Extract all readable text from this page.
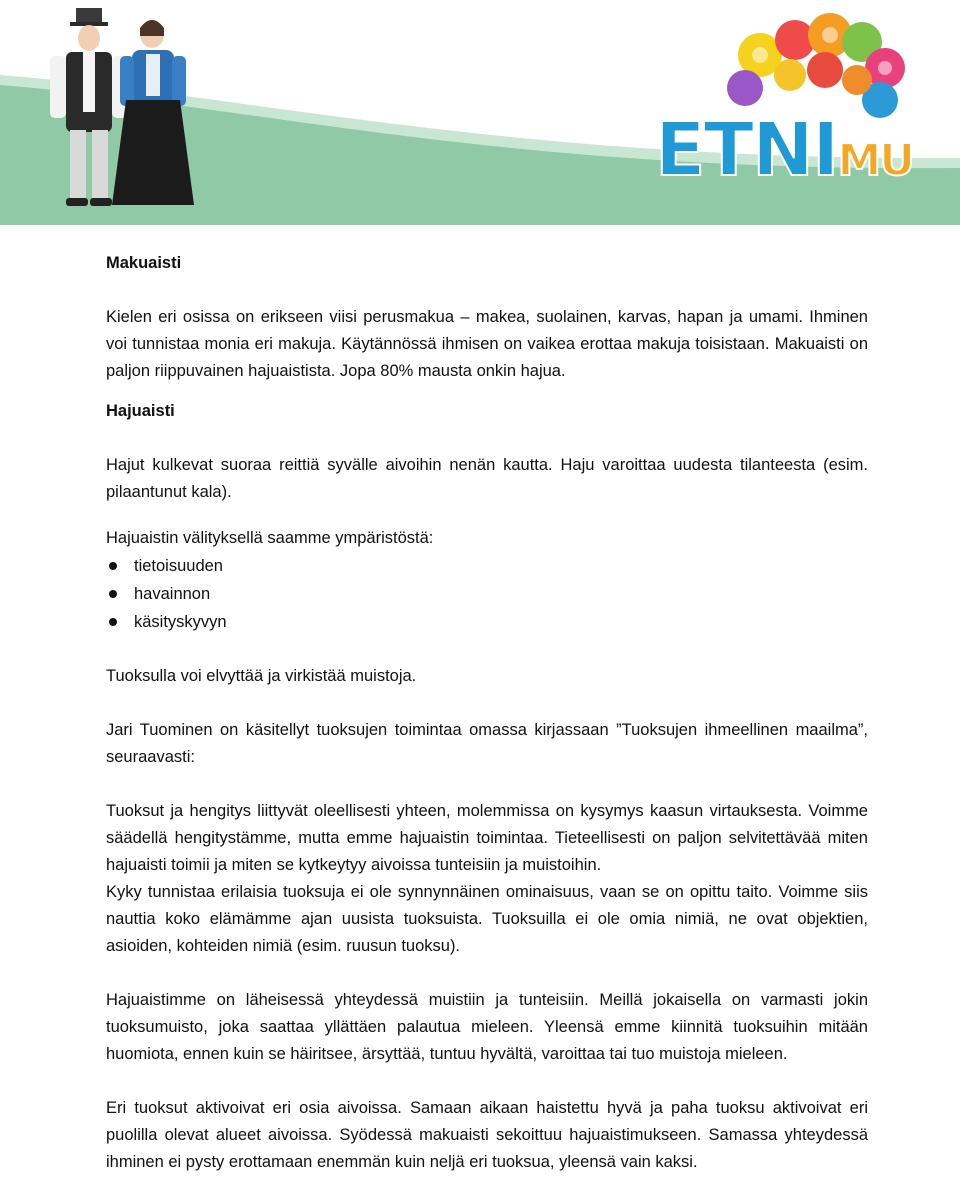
ETNIMU
Makuaisti

Kielen eri osissa on erikseen viisi perusmakua – makea, suolainen, karvas, hapan ja umami. Ihminen voi tunnistaa monia eri makuja. Käytännössä ihmisen on vaikea erottaa makuja toisistaan. Makuaisti on paljon riippuvainen hajuaistista. Jopa 80% mausta onkin hajua.

Hajuaisti

Hajut kulkevat suoraa reittiä syvälle aivoihin nenän kautta. Haju varoittaa uudesta tilanteesta (esim. pilaantunut kala).

Hajuaistin välityksellä saamme ympäristöstä:

tietoisuuden
havainnon
käsityskyvyn

Tuoksulla voi elvyttää ja virkistää muistoja.

Jari Tuominen on käsitellyt tuoksujen toimintaa omassa kirjassaan ”Tuoksujen ihmeellinen maailma”, seuraavasti:

Tuoksut ja hengitys liittyvät oleellisesti yhteen, molemmissa on kysymys kaasun virtauksesta. Voimme säädellä hengitystämme, mutta emme hajuaistin toimintaa. Tieteellisesti on paljon selvitettävää miten hajuaisti toimii ja miten se kytkeytyy aivoissa tunteisiin ja muistoihin.

Kyky tunnistaa erilaisia tuoksuja ei ole synnynnäinen ominaisuus, vaan se on opittu taito. Voimme siis nauttia koko elämämme ajan uusista tuoksuista. Tuoksuilla ei ole omia nimiä, ne ovat objektien, asioiden, kohteiden nimiä (esim. ruusun tuoksu).

Hajuaistimme on läheisessä yhteydessä muistiin ja tunteisiin. Meillä jokaisella on varmasti jokin tuoksumuisto, joka saattaa yllättäen palautua mieleen. Yleensä emme kiinnitä tuoksuihin mitään huomiota, ennen kuin se häiritsee, ärsyttää, tuntuu hyvältä, varoittaa tai tuo muistoja mieleen.

Eri tuoksut aktivoivat eri osia aivoissa. Samaan aikaan haistettu hyvä ja paha tuoksu aktivoivat eri puolilla olevat alueet aivoissa. Syödessä makuaisti sekoittuu hajuaistimukseen. Samassa yhteydessä ihminen ei pysty erottamaan enemmän kuin neljä eri tuoksua, yleensä vain kaksi.
